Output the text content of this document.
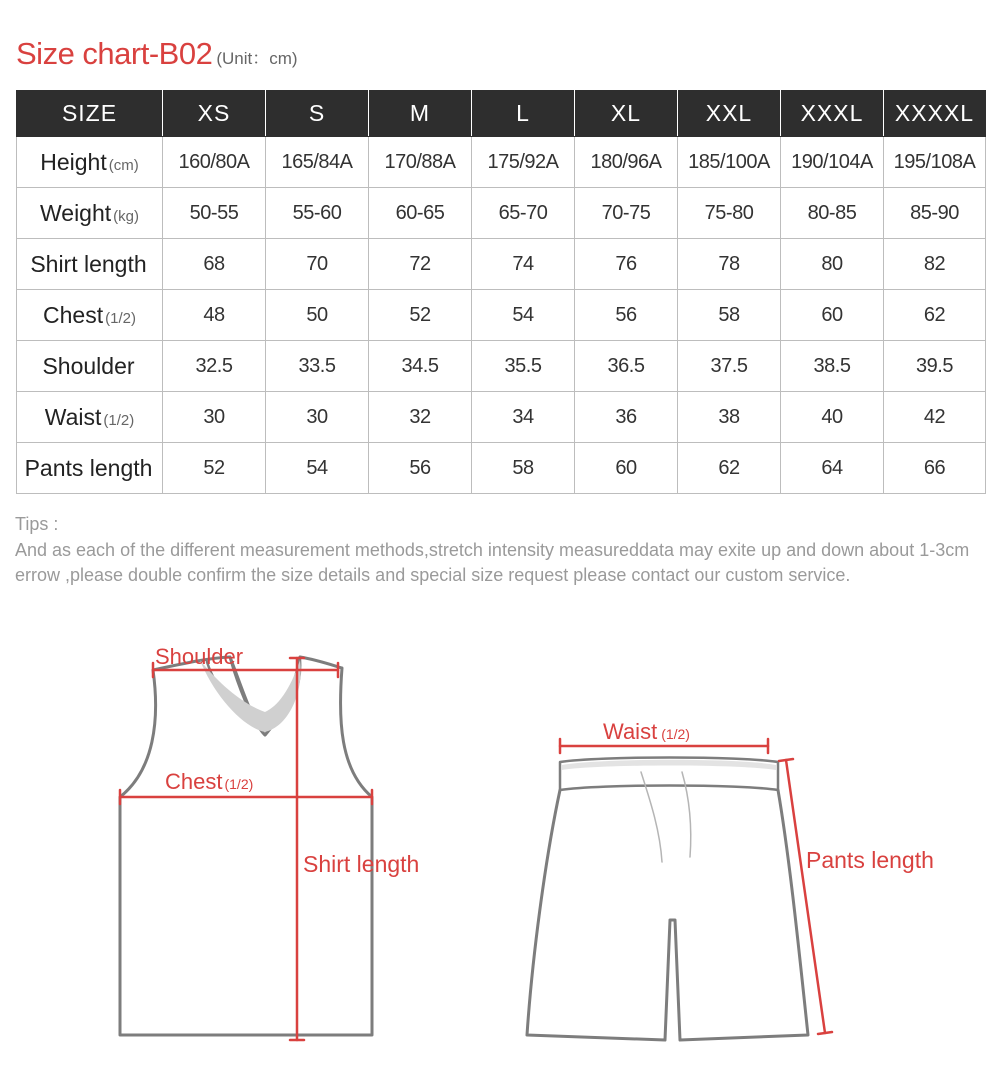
Size chart-B02 (Unit：cm)
SIZE	XS	S	M	L	XL	XXL	XXXL	XXXXL
Height (cm)	160/80A	165/84A	170/88A	175/92A	180/96A	185/100A	190/104A	195/108A
Weight (kg)	50-55	55-60	60-65	65-70	70-75	75-80	80-85	85-90
Shirt length	68	70	72	74	76	78	80	82
Chest (1/2)	48	50	52	54	56	58	60	62
Shoulder	32.5	33.5	34.5	35.5	36.5	37.5	38.5	39.5
Waist (1/2)	30	30	32	34	36	38	40	42
Pants length	52	54	56	58	60	62	64	66
Tips :
And as each of the different measurement methods,stretch intensity measureddata may exite up and down about 1-3cm errow ,please double confirm the size details and special size request please contact our custom service.
Shoulder
Chest (1/2)
Shirt length
Waist (1/2)
Pants length
